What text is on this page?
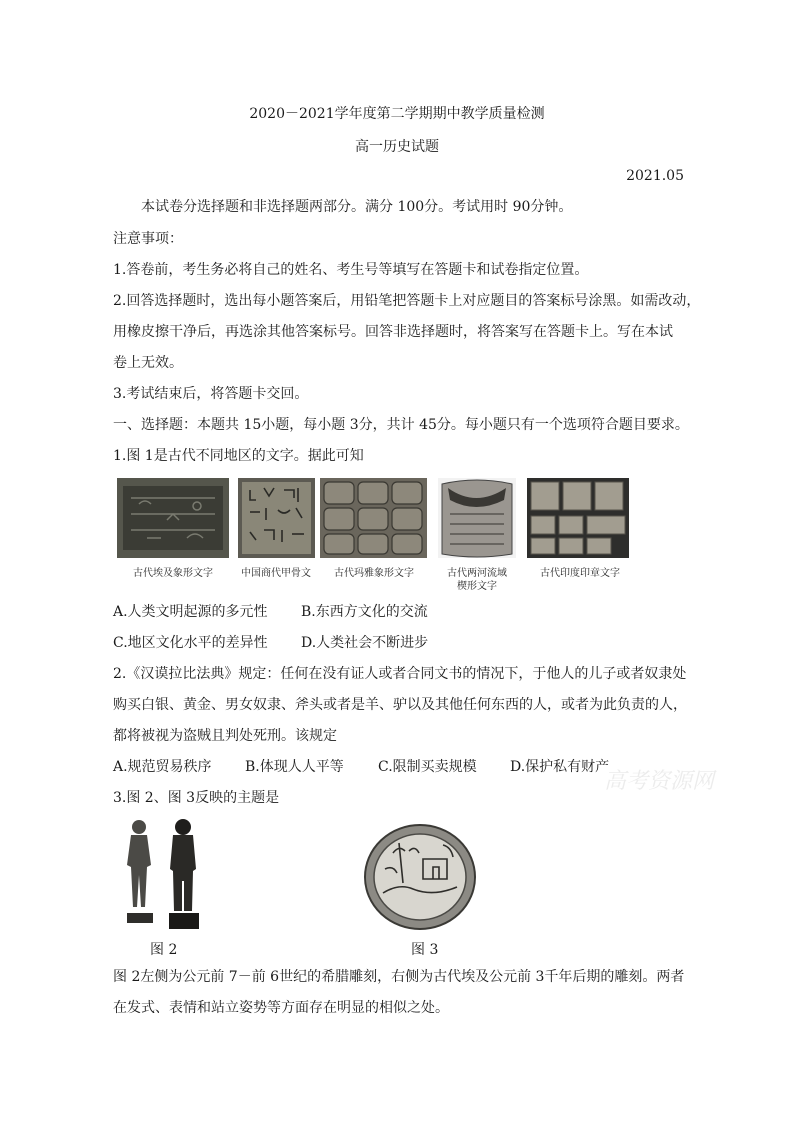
2020－2021学年度第二学期期中教学质量检测
高一历史试题
2021.05
本试卷分选择题和非选择题两部分。满分 100分。考试用时 90分钟。
注意事项：
1.答卷前，考生务必将自己的姓名、考生号等填写在答题卡和试卷指定位置。
2.回答选择题时，选出每小题答案后，用铅笔把答题卡上对应题目的答案标号涂黑。如需改动，
用橡皮擦干净后，再选涂其他答案标号。回答非选择题时，将答案写在答题卡上。写在本试
卷上无效。
3.考试结束后，将答题卡交回。
一、选择题：本题共 15小题，每小题 3分，共计 45分。每小题只有一个选项符合题目要求。
1.图 1是古代不同地区的文字。据此可知
古代埃及象形文字	中国商代甲骨文	古代玛雅象形文字	古代两河流域
楔形文字
古代印度印章文字
A.人类文明起源的多元性 B.东西方文化的交流
C.地区文化水平的差异性 D.人类社会不断进步
2.《汉谟拉比法典》规定：任何在没有证人或者合同文书的情况下，于他人的儿子或者奴隶处
购买白银、黄金、男女奴隶、斧头或者是羊、驴以及其他任何东西的人，或者为此负责的人，
都将被视为盗贼且判处死刑。该规定
A.规范贸易秩序 B.体现人人平等 C.限制买卖规模 D.保护私有财产
高考资源网
3.图 2、图 3反映的主题是
图 2	图 3
图 2左侧为公元前 7－前 6世纪的希腊雕刻，右侧为古代埃及公元前 3千年后期的雕刻。两者
在发式、表情和站立姿势等方面存在明显的相似之处。
